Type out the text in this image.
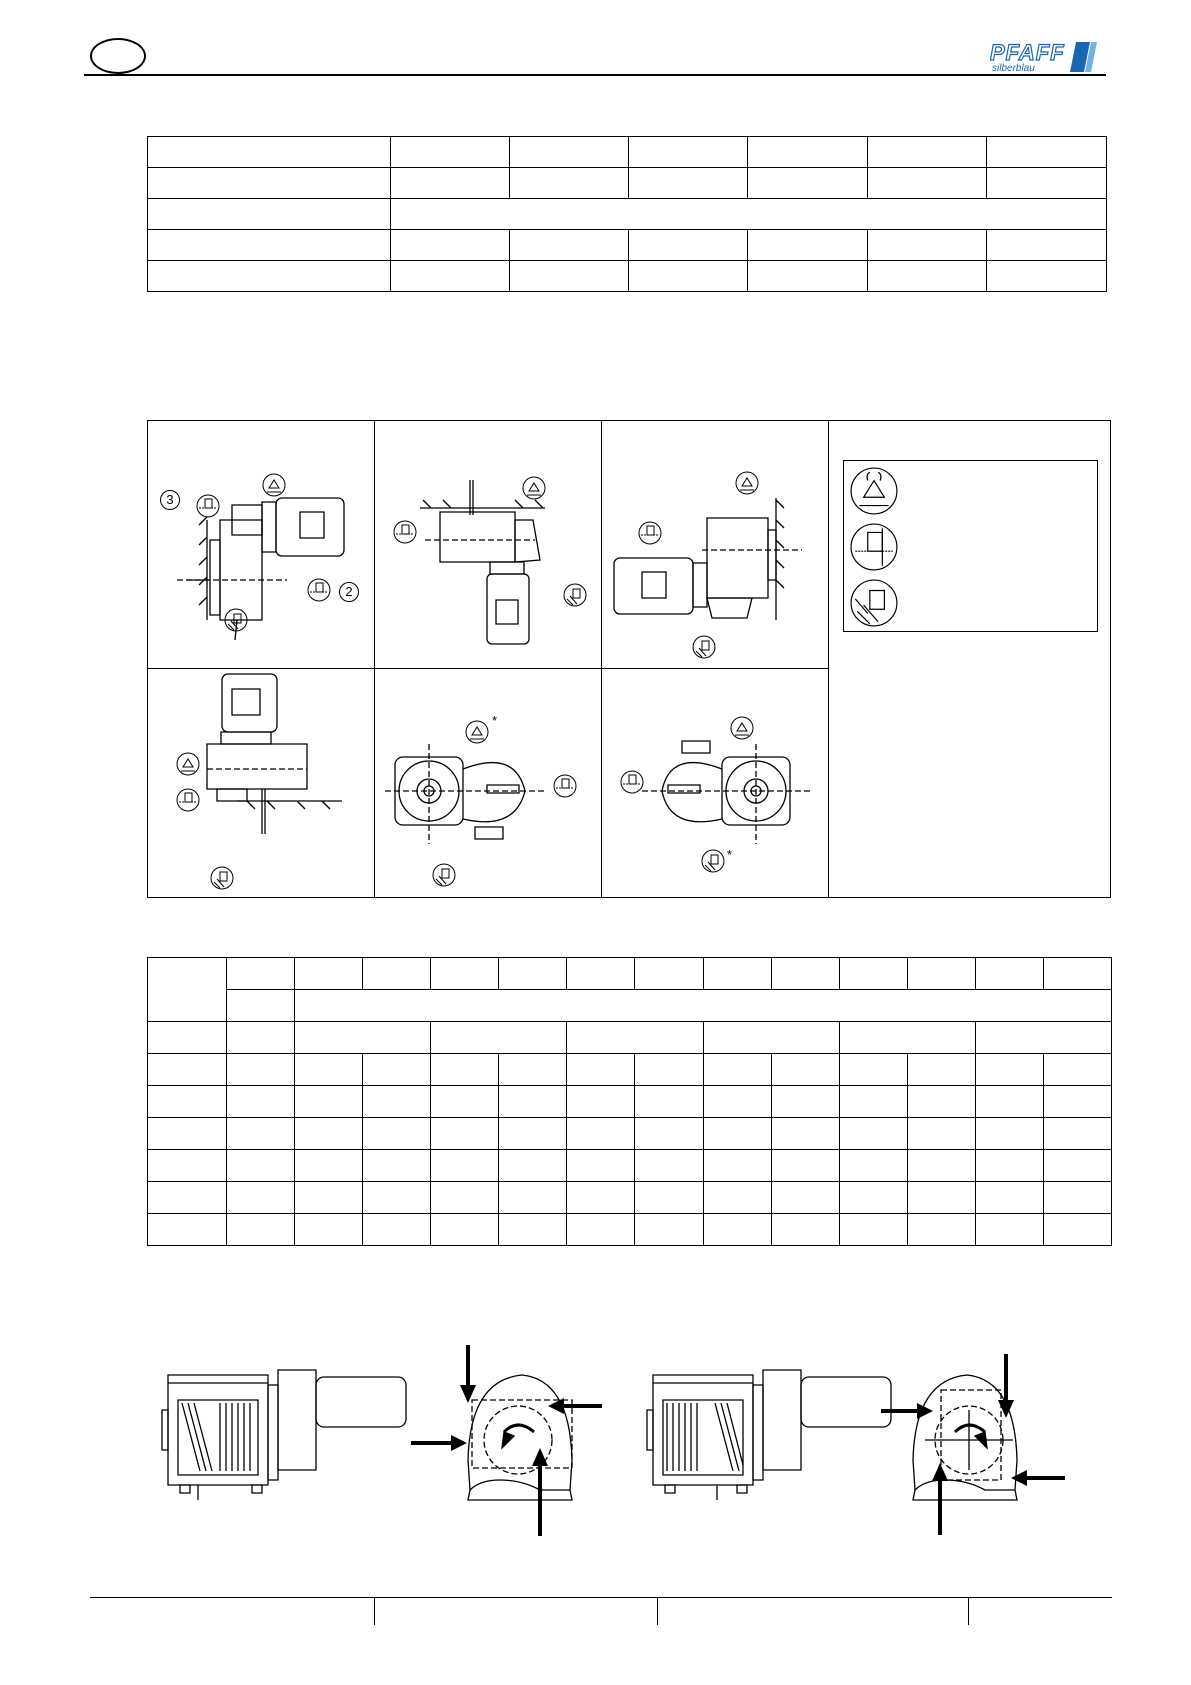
PFAFF
silberblau

3
2
*
*
